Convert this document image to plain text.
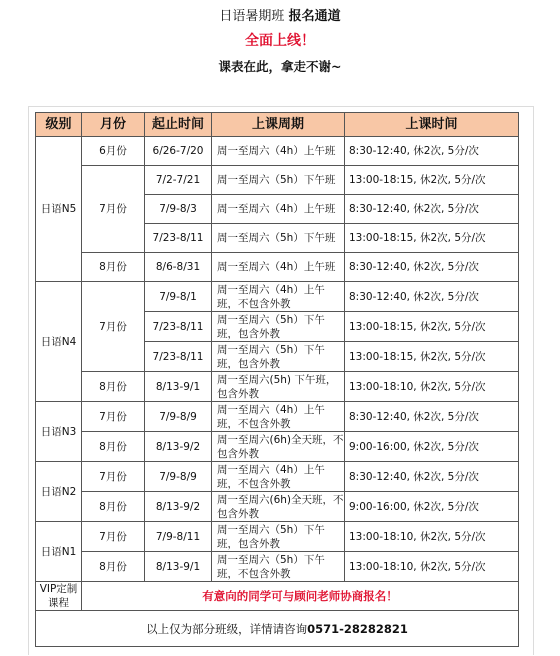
日语暑期班 报名通道
全面上线！
课表在此，拿走不谢~
级别	月份	起止时间	上课周期	上课时间
日语N5	6月份	6/26-7/20	周一至周六（4h）上午班	8:30-12:40, 休2次, 5分/次
	7月份	7/2-7/21	周一至周六（5h）下午班	13:00-18:15, 休2次, 5分/次
		7/9-8/3	周一至周六（4h）上午班	8:30-12:40, 休2次, 5分/次
		7/23-8/11	周一至周六（5h）下午班	13:00-18:15, 休2次, 5分/次
	8月份	8/6-8/31	周一至周六（4h）上午班	8:30-12:40, 休2次, 5分/次
日语N4	7月份	7/9-8/1	周一至周六（4h）上午班，不包含外教	8:30-12:40, 休2次, 5分/次
		7/23-8/11	周一至周六（5h）下午班，包含外教	13:00-18:15, 休2次, 5分/次
		7/23-8/11	周一至周六（5h）下午班，包含外教	13:00-18:15, 休2次, 5分/次
	8月份	8/13-9/1	周一至周六(5h) 下午班，包含外教	13:00-18:10, 休2次, 5分/次
日语N3	7月份	7/9-8/9	周一至周六（4h）上午班，不包含外教	8:30-12:40, 休2次, 5分/次
	8月份	8/13-9/2	周一至周六(6h)全天班，不包含外教	9:00-16:00, 休2次, 5分/次
日语N2	7月份	7/9-8/9	周一至周六（4h）上午班，不包含外教	8:30-12:40, 休2次, 5分/次
	8月份	8/13-9/2	周一至周六(6h)全天班，不包含外教	9:00-16:00, 休2次, 5分/次
日语N1	7月份	7/9-8/11	周一至周六（5h）下午班，包含外教	13:00-18:10, 休2次, 5分/次
	8月份	8/13-9/1	周一至周六（5h）下午班，不包含外教	13:00-18:10, 休2次, 5分/次
VIP定制课程	有意向的同学可与顾问老师协商报名！			
以上仅为部分班级，详情请咨询0571-28282821				
